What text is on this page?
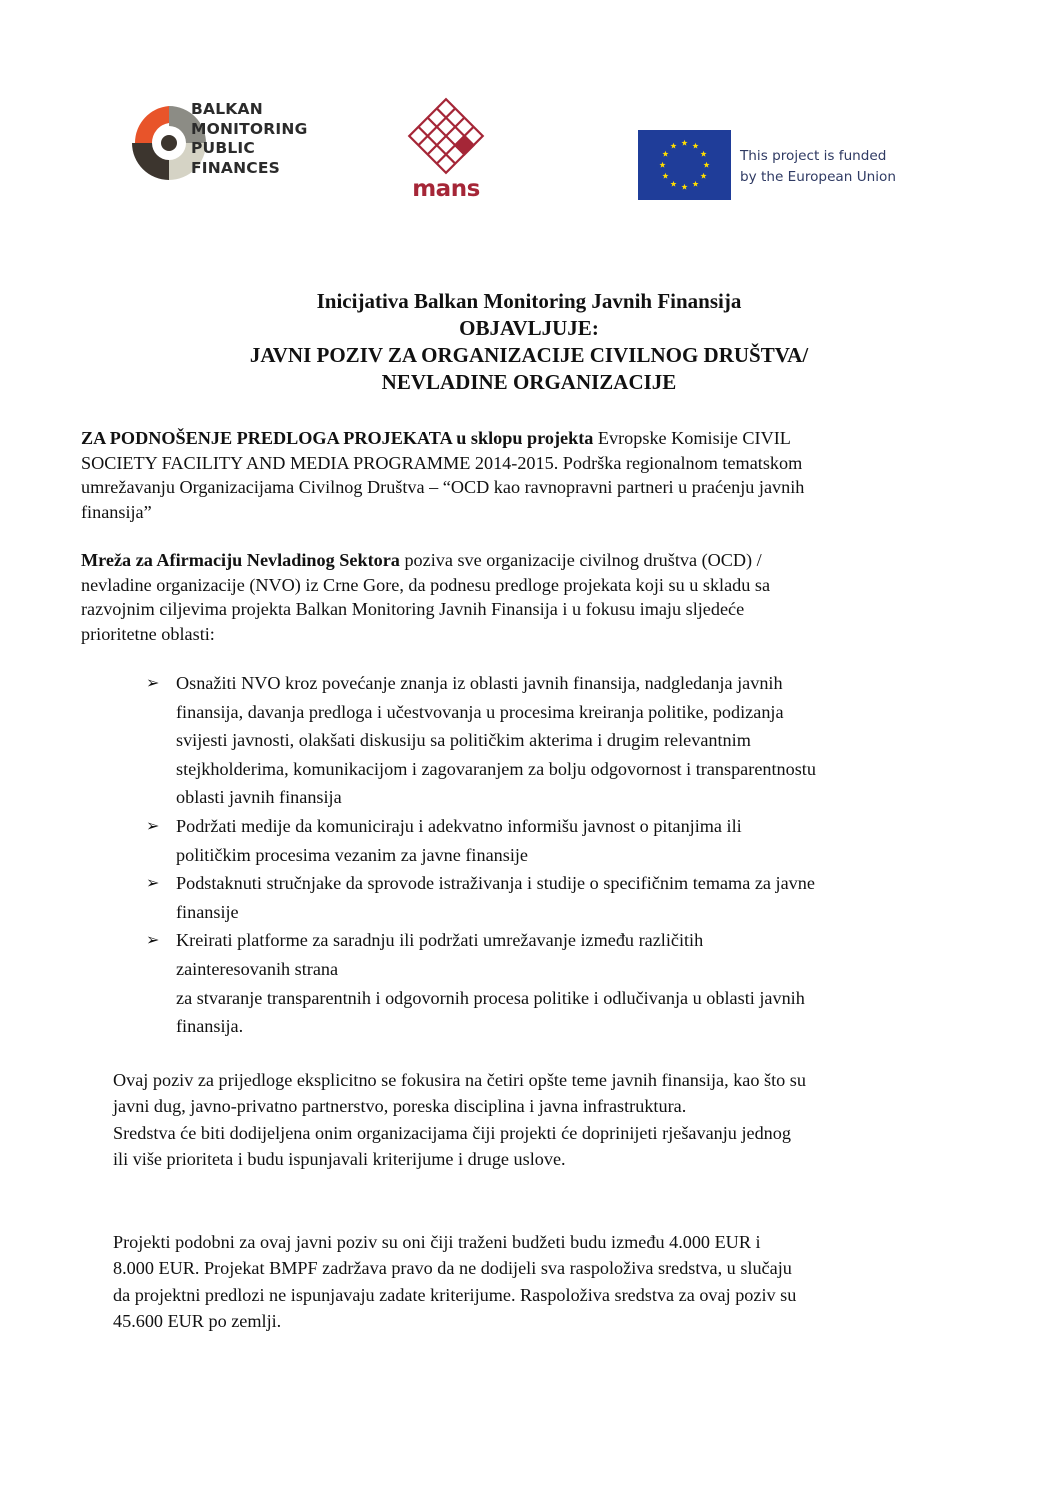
BALKAN
MONITORING
PUBLIC
FINANCES
mans
This project is funded
by the European Union
Inicijativa Balkan Monitoring Javnih Finansija
OBJAVLJUJE:
JAVNI POZIV ZA ORGANIZACIJE CIVILNOG DRUŠTVA/
NEVLADINE ORGANIZACIJE
ZA PODNOŠENJE PREDLOGA PROJEKATA u sklopu projekta Evropske Komisije CIVIL
SOCIETY FACILITY AND MEDIA PROGRAMME 2014-2015. Podrška regionalnom tematskom
umrežavanju Organizacijama Civilnog Društva – “OCD kao ravnopravni partneri u praćenju javnih
finansija”
Mreža za Afirmaciju Nevladinog Sektora poziva sve organizacije civilnog društva (OCD) /
nevladine organizacije (NVO) iz Crne Gore, da podnesu predloge projekata koji su u skladu sa
razvojnim ciljevima projekta Balkan Monitoring Javnih Finansija i u fokusu imaju sljedeće
prioritetne oblasti:
➢ Osnažiti NVO kroz povećanje znanja iz oblasti javnih finansija, nadgledanja javnih
finansija, davanja predloga i učestvovanja u procesima kreiranja politike, podizanja
svijesti javnosti, olakšati diskusiju sa političkim akterima i drugim relevantnim
stejkholderima, komunikacijom i zagovaranjem za bolju odgovornost i transparentnostu
oblasti javnih finansija
➢ Podržati medije da komuniciraju i adekvatno informišu javnost o pitanjima ili
političkim procesima vezanim za javne finansije
➢ Podstaknuti stručnjake da sprovode istraživanja i studije o specifičnim temama za javne
finansije
➢ Kreirati platforme za saradnju ili podržati umrežavanje između različitih
zainteresovanih strana
za stvaranje transparentnih i odgovornih procesa politike i odlučivanja u oblasti javnih
finansija.
Ovaj poziv za prijedloge eksplicitno se fokusira na četiri opšte teme javnih finansija, kao što su
javni dug, javno-privatno partnerstvo, poreska disciplina i javna infrastruktura.
Sredstva će biti dodijeljena onim organizacijama čiji projekti će doprinijeti rješavanju jednog
ili više prioriteta i budu ispunjavali kriterijume i druge uslove.
Projekti podobni za ovaj javni poziv su oni čiji traženi budžeti budu između 4.000 EUR i
8.000 EUR. Projekat BMPF zadržava pravo da ne dodijeli sva raspoloživa sredstva, u slučaju
da projektni predlozi ne ispunjavaju zadate kriterijume. Raspoloživa sredstva za ovaj poziv su
45.600 EUR po zemlji.
